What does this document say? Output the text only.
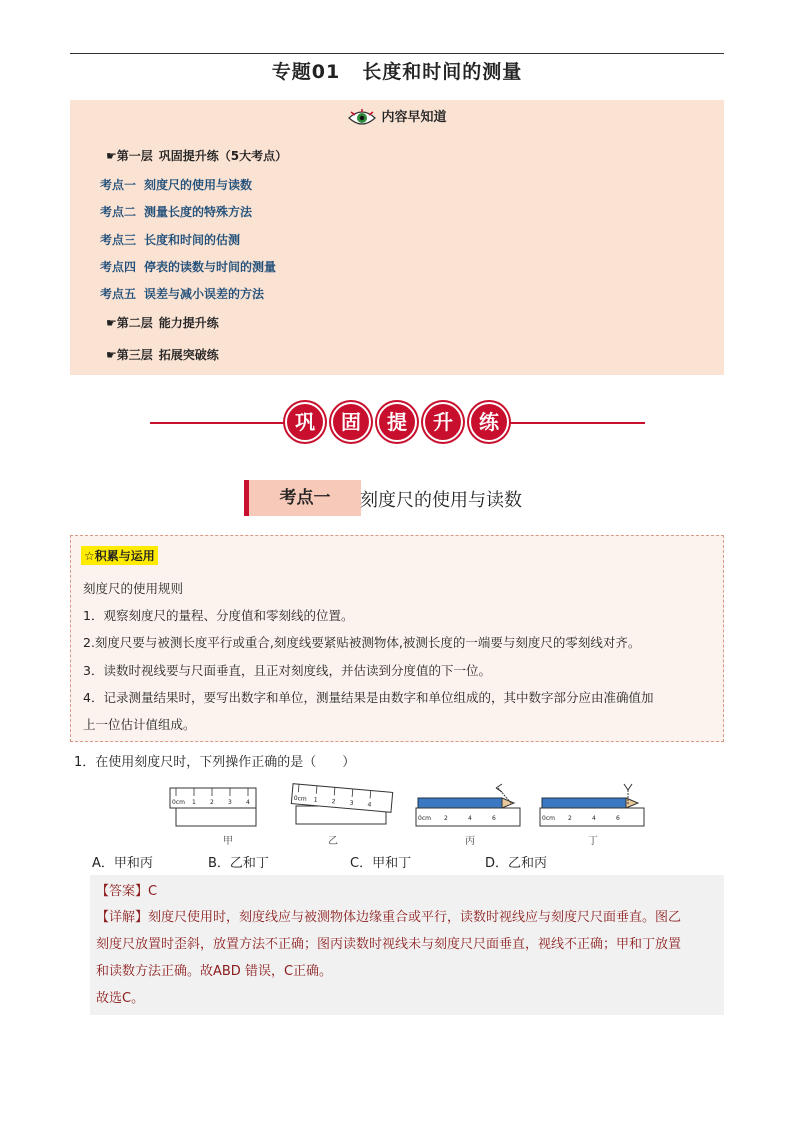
专题01 长度和时间的测量
内容早知道
☛第一层 巩固提升练（5大考点）
考点一 刻度尺的使用与读数
考点二 测量长度的特殊方法
考点三 长度和时间的估测
考点四 停表的读数与时间的测量
考点五 误差与减小误差的方法
☛第二层 能力提升练
☛第三层 拓展突破练
巩 固 提 升 练
考点一	刻度尺的使用与读数
☆积累与运用
刻度尺的使用规则
1．观察刻度尺的量程、分度值和零刻线的位置。
2.刻度尺要与被测长度平行或重合,刻度线要紧贴被测物体,被测长度的一端要与刻度尺的零刻线对齐。
3．读数时视线要与尺面垂直，且正对刻度线，并估读到分度值的下一位。
4．记录测量结果时，要写出数字和单位，测量结果是由数字和单位组成的，其中数字部分应由准确值加
上一位估计值组成。
1．在使用刻度尺时，下列操作正确的是（　　）
0cm 1 2 3 4	0cm 1 2 3 4
0cm 2	4	6	0cm 2	4	6
甲	乙	丙	丁
A．甲和丙	B．乙和丁	C．甲和丁	D．乙和丙
【答案】C
【详解】刻度尺使用时，刻度线应与被测物体边缘重合或平行，读数时视线应与刻度尺尺面垂直。图乙
刻度尺放置时歪斜，放置方法不正确；图丙读数时视线未与刻度尺尺面垂直，视线不正确；甲和丁放置
和读数方法正确。故ABD 错误，C正确。
故选C。
